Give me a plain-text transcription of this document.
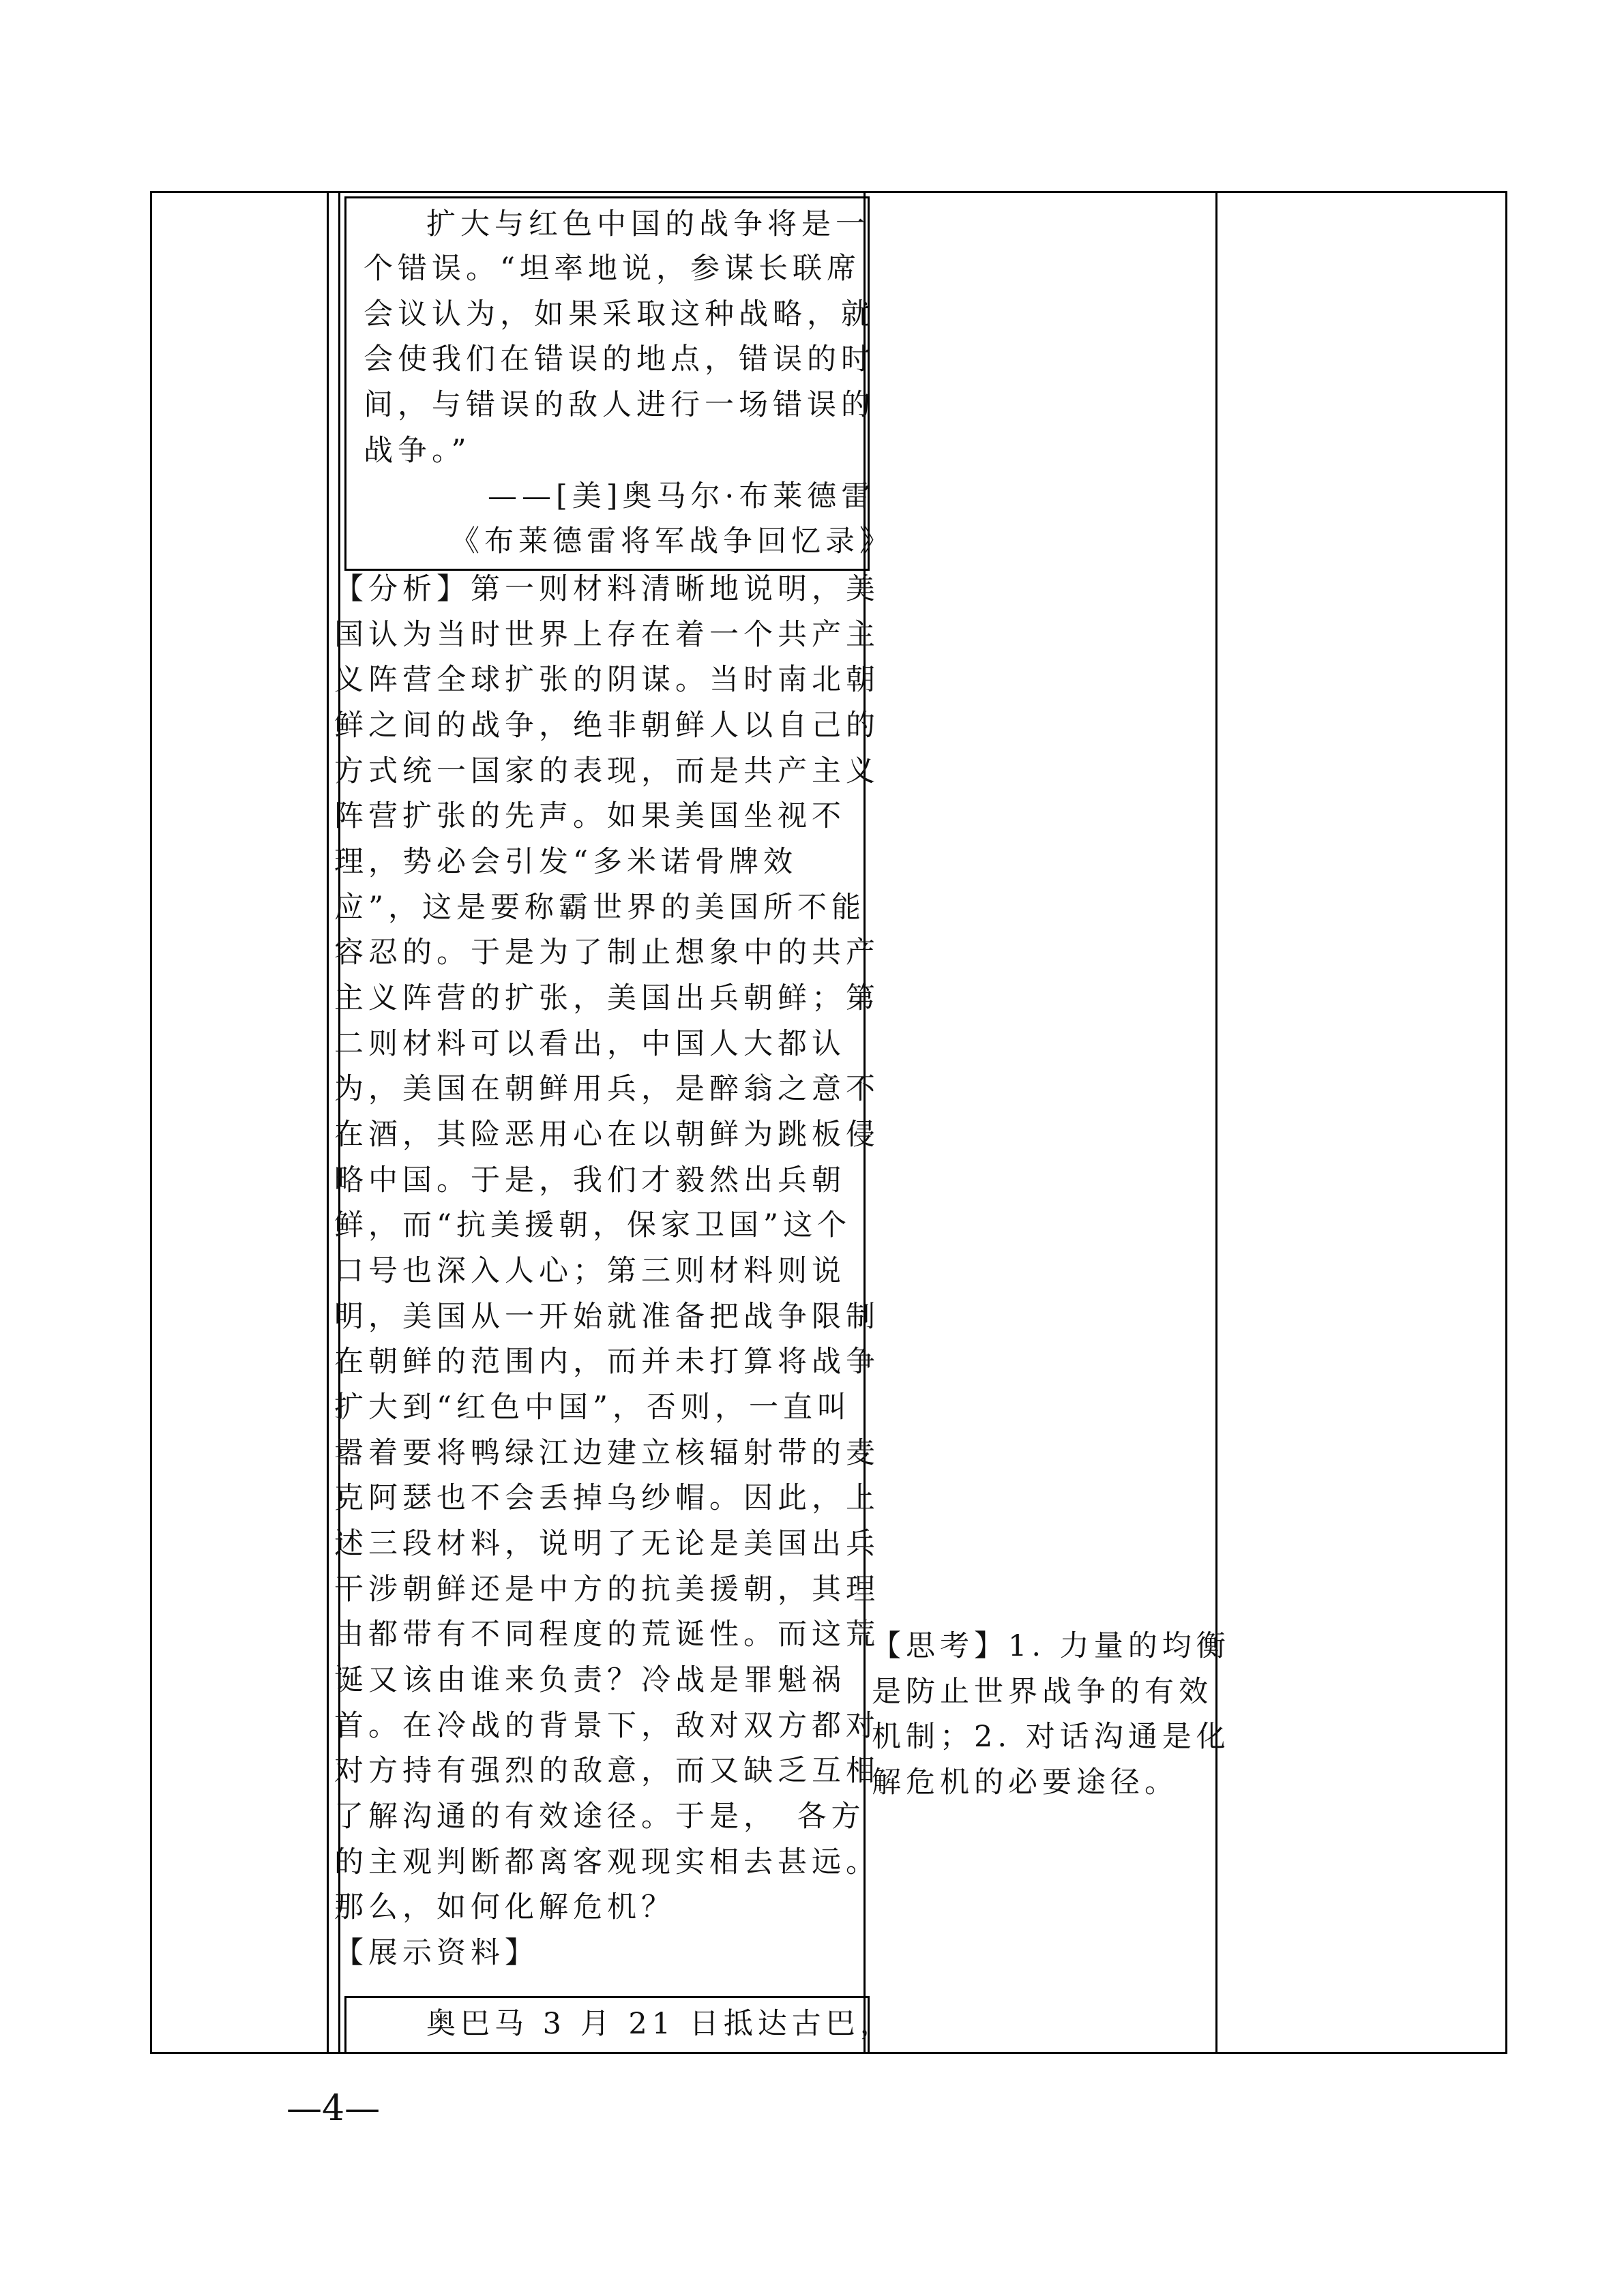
扩大与红色中国的战争将是一
个错误。“坦率地说，参谋长联席
会议认为，如果采取这种战略，就
会使我们在错误的地点，错误的时
间，与错误的敌人进行一场错误的
战争。”
——[美]奥马尔·布莱德雷
《布莱德雷将军战争回忆录》
【分析】第一则材料清晰地说明，美
国认为当时世界上存在着一个共产主
义阵营全球扩张的阴谋。当时南北朝
鲜之间的战争，绝非朝鲜人以自己的
方式统一国家的表现，而是共产主义
阵营扩张的先声。如果美国坐视不
理，势必会引发“多米诺骨牌效
应”，这是要称霸世界的美国所不能
容忍的。于是为了制止想象中的共产
主义阵营的扩张，美国出兵朝鲜；第
二则材料可以看出，中国人大都认
为，美国在朝鲜用兵，是醉翁之意不
在酒，其险恶用心在以朝鲜为跳板侵
略中国。于是，我们才毅然出兵朝
鲜，而“抗美援朝，保家卫国”这个
口号也深入人心；第三则材料则说
明，美国从一开始就准备把战争限制
在朝鲜的范围内，而并未打算将战争
扩大到“红色中国”，否则，一直叫
嚣着要将鸭绿江边建立核辐射带的麦
克阿瑟也不会丢掉乌纱帽。因此，上
述三段材料，说明了无论是美国出兵
干涉朝鲜还是中方的抗美援朝，其理
由都带有不同程度的荒诞性。而这荒
诞又该由谁来负责？冷战是罪魁祸
首。在冷战的背景下，敌对双方都对
对方持有强烈的敌意，而又缺乏互相
了解沟通的有效途径。于是，　各方
的主观判断都离客观现实相去甚远。
那么，如何化解危机？
【展示资料】
奥巴马 3 月 21 日抵达古巴，
【思考】1. 力量的均衡
是防止世界战争的有效
机制；2. 对话沟通是化
解危机的必要途径。
—4—
